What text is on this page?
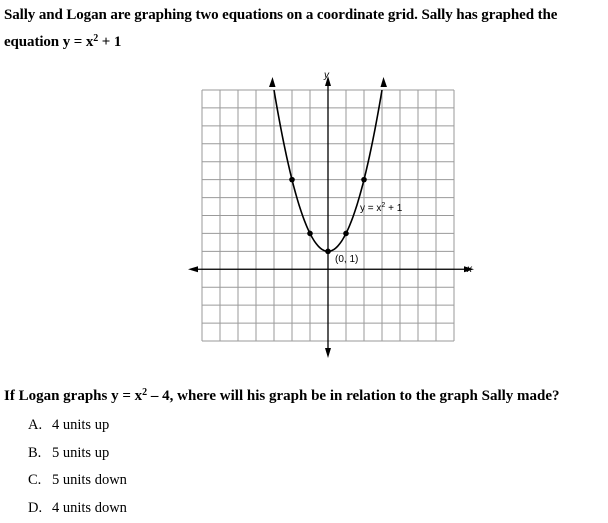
Sally and Logan are graphing two equations on a coordinate grid. Sally has graphed the equation $y = x^2 + 1$
y
x
$y = x^2 + 1$
(0, 1)
If Logan graphs $y = x^2 - 4$, where will his graph be in relation to the graph Sally made?
A. 4 units up
B. 5 units up
C. 5 units down
D. 4 units down
